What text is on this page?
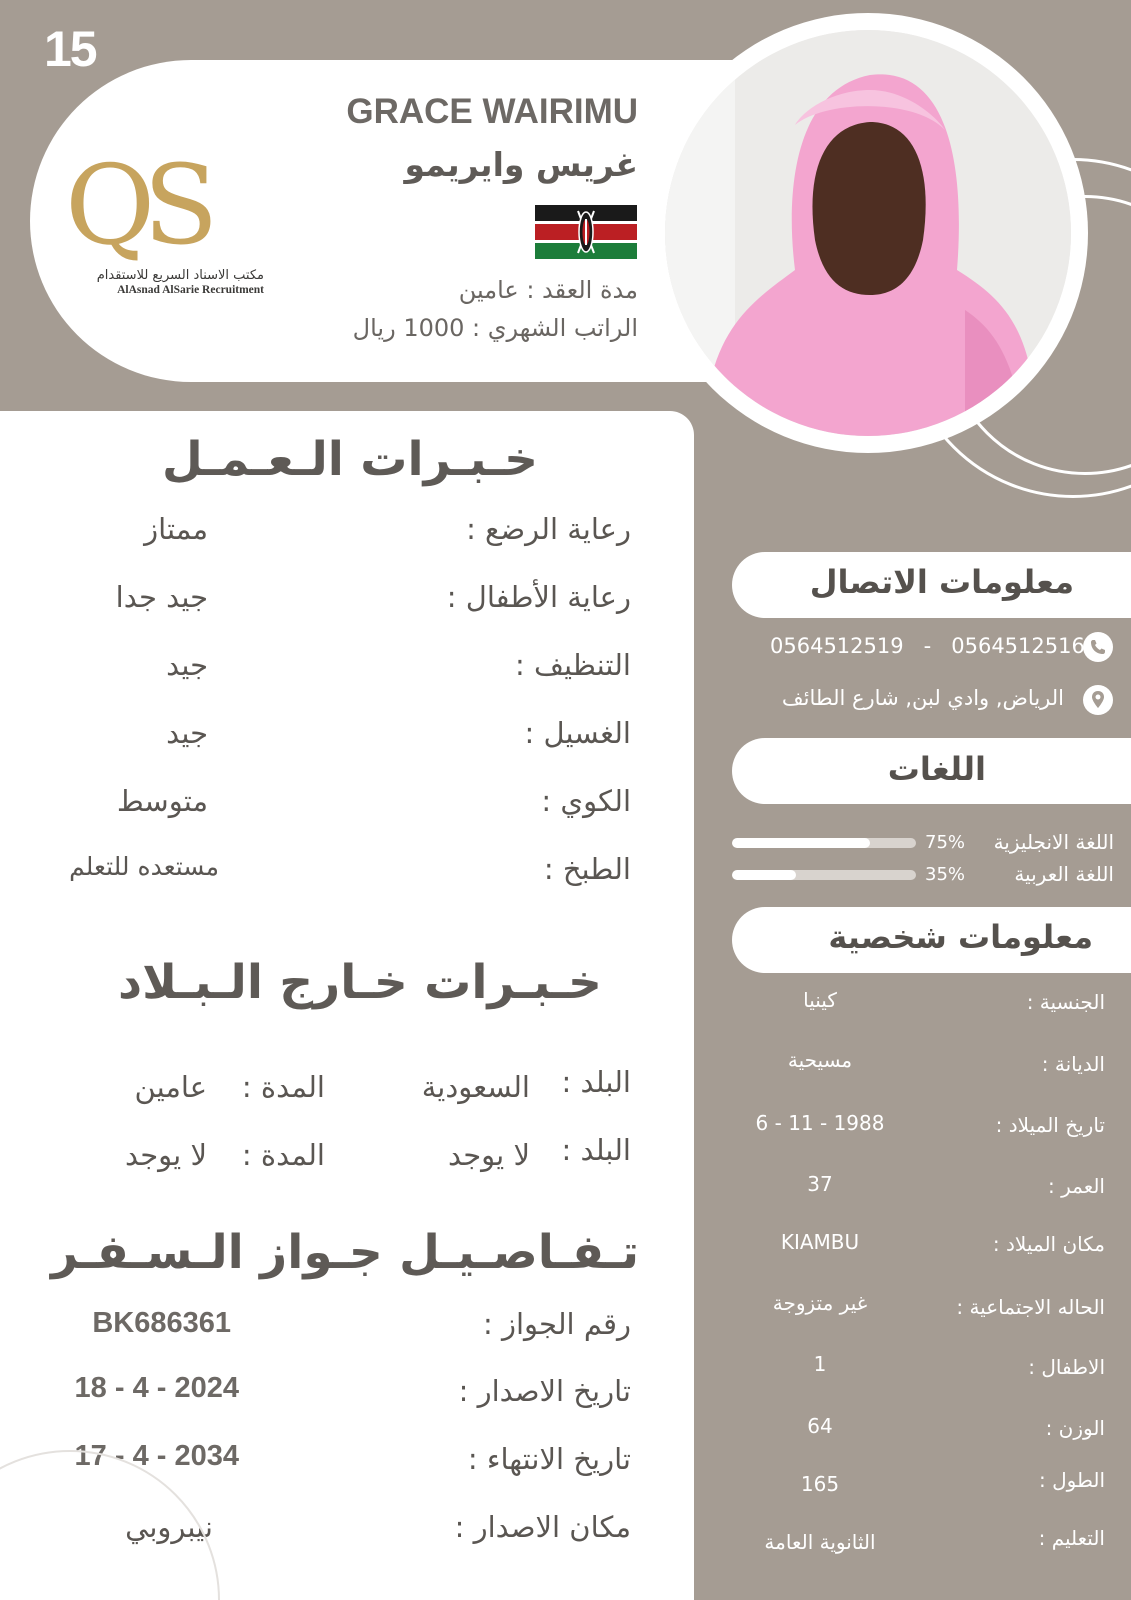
15
QS
مكتب الاسناد السريع للاستقدام
AlAsnad AlSarie Recruitment
GRACE WAIRIMU
غريس وايريمو
مدة العقد : عامين
الراتب الشهري : 1000 ريال
خـبـرات الـعـمـل
رعاية الرضع :
ممتاز
رعاية الأطفال :
جيد جدا
التنظيف :
جيد
الغسيل :
جيد
الكوي :
متوسط
الطبخ :
مستعده للتعلم
خـبـرات خـارج الـبـلاد
البلد :
السعودية
المدة :
عامين
البلد :
لا يوجد
المدة :
لا يوجد
تـفـاصـيـل جـواز الـسـفـر
رقم الجواز :
BK686361
تاريخ الاصدار :
18 - 4 - 2024
تاريخ الانتهاء :
17 - 4 - 2034
مكان الاصدار :
نيبروبي
معلومات الاتصال
0564512519   -   0564512516
الرياض, وادي لبن, شارع الطائف
اللغات
اللغة الانجليزية
75%
اللغة العربية
35%
معلومات شخصية
الجنسية :
كينيا
الديانة :
مسيحية
تاريخ الميلاد :
6 - 11 - 1988
العمر :
37
مكان الميلاد :
KIAMBU
الحاله الاجتماعية :
غير متزوجة
الاطفال :
1
الوزن :
64
الطول :
165
التعليم :
الثانوية العامة
